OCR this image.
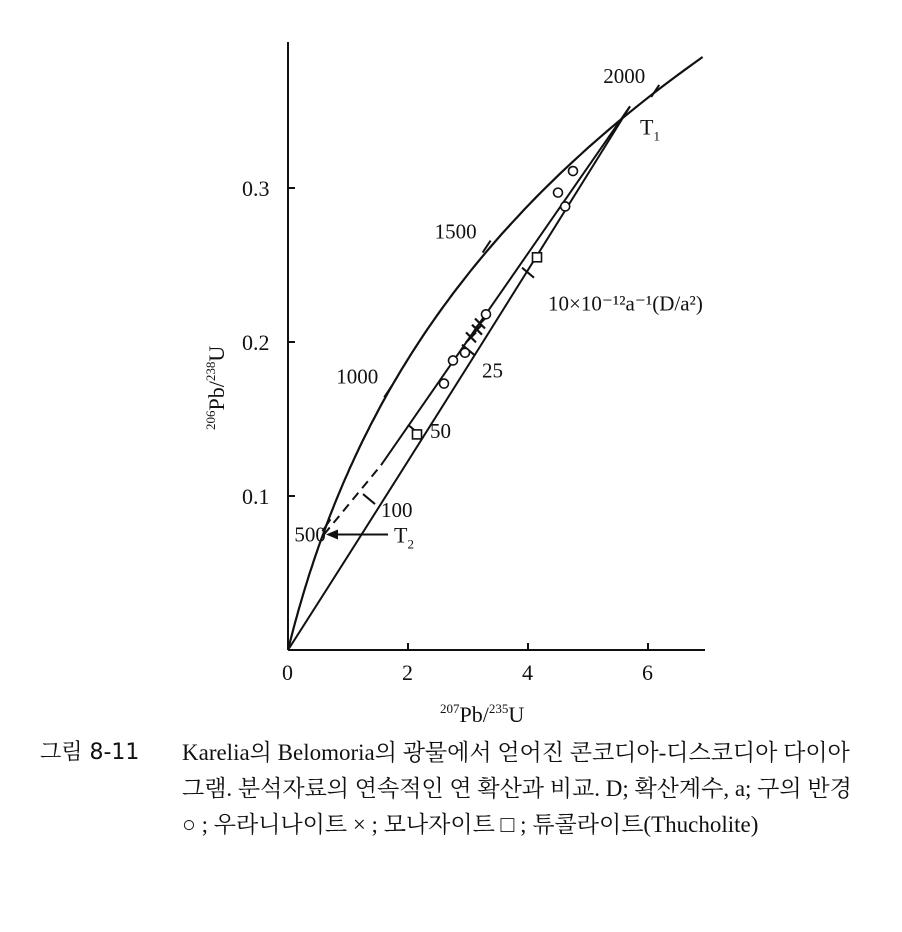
0	2	4	6
0.1
0.2
0.3
500
1000
1500
2000
100
50
25
10×10⁻¹²a⁻¹(D/a²)
$T_1$
$T_2$
$^{207}$Pb/$^{235}$U
$^{206}$Pb/$^{238}$U
그림 8-11	Karelia의 Belomoria의 광물에서 얻어진 콘코디아-디스코디아 다이아그램. 분석자료의 연속적인 연 확산과 비교. D; 확산계수, a; 구의 반경
○ ; 우라니나이트 × ; 모나자이트 □ ; 튜콜라이트(Thucholite)
